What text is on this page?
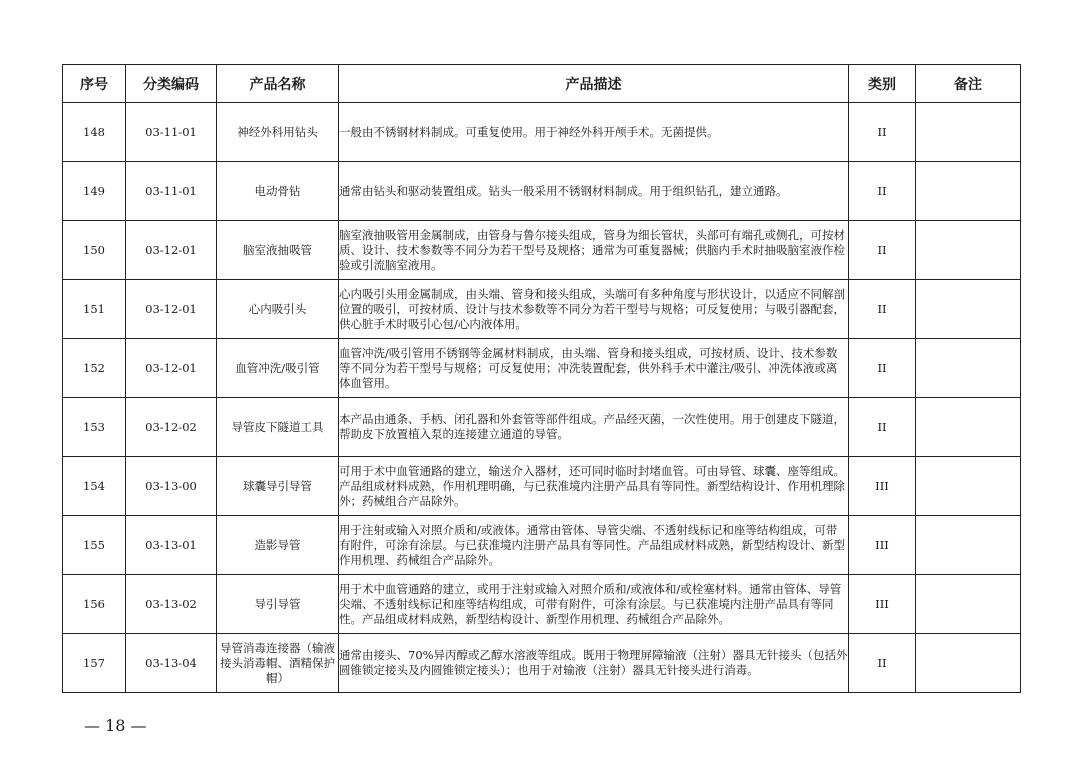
序号	分类编码	产品名称	产品描述	类别	备注
148	03-11-01	神经外科用钻头	一般由不锈钢材料制成。可重复使用。用于神经外科开颅手术。无菌提供。	II	
149	03-11-01	电动骨钻	通常由钻头和驱动装置组成。钻头一般采用不锈钢材料制成。用于组织钻孔，建立通路。	II	
150	03-12-01	脑室液抽吸管	脑室液抽吸管用金属制成，由管身与鲁尔接头组成，管身为细长管状，头部可有端孔或侧孔，可按材质、设计、技术参数等不同分为若干型号及规格；通常为可重复器械；供脑内手术时抽吸脑室液作检验或引流脑室液用。	II	
151	03-12-01	心内吸引头	心内吸引头用金属制成，由头端、管身和接头组成，头端可有多种角度与形状设计，以适应不同解剖位置的吸引，可按材质、设计与技术参数等不同分为若干型号与规格；可反复使用；与吸引器配套，供心脏手术时吸引心包/心内液体用。	II	
152	03-12-01	血管冲洗/吸引管	血管冲洗/吸引管用不锈钢等金属材料制成，由头端、管身和接头组成，可按材质、设计、技术参数等不同分为若干型号与规格；可反复使用；冲洗装置配套，供外科手术中灌注/吸引、冲洗体液或离体血管用。	II	
153	03-12-02	导管皮下隧道工具	本产品由通条、手柄、闭孔器和外套管等部件组成。产品经灭菌，一次性使用。用于创建皮下隧道，帮助皮下放置植入泵的连接建立通道的导管。	II	
154	03-13-00	球囊导引导管	可用于术中血管通路的建立，输送介入器材，还可同时临时封堵血管。可由导管、球囊、座等组成。产品组成材料成熟，作用机理明确，与已获准境内注册产品具有等同性。新型结构设计、作用机理除外；药械组合产品除外。	III	
155	03-13-01	造影导管	用于注射或输入对照介质和/或液体。通常由管体、导管尖端、不透射线标记和座等结构组成，可带有附件，可涂有涂层。与已获准境内注册产品具有等同性。产品组成材料成熟，新型结构设计、新型作用机理、药械组合产品除外。	III	
156	03-13-02	导引导管	用于术中血管通路的建立，或用于注射或输入对照介质和/或液体和/或栓塞材料。通常由管体、导管尖端、不透射线标记和座等结构组成，可带有附件，可涂有涂层。与已获准境内注册产品具有等同性。产品组成材料成熟，新型结构设计、新型作用机理、药械组合产品除外。	III	
157	03-13-04	导管消毒连接器（输液接头消毒帽、酒精保护帽）	通常由接头、70%异丙醇或乙醇水溶液等组成。既用于物理屏障输液（注射）器具无针接头（包括外圆锥锁定接头及内圆锥锁定接头）；也用于对输液（注射）器具无针接头进行消毒。	II	
— 18 —
